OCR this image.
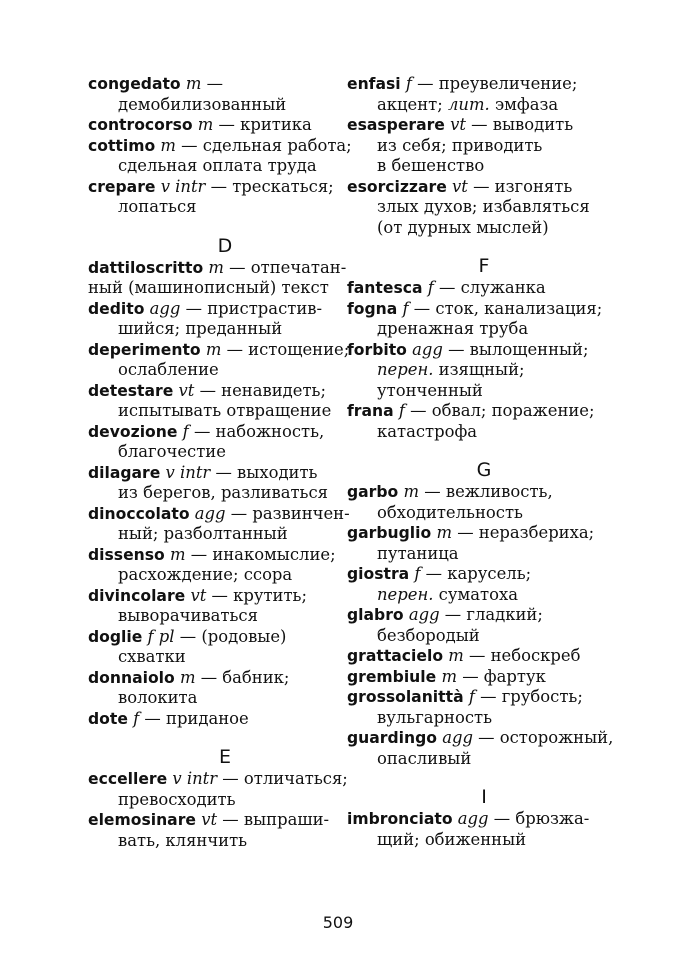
congedato m —
демобилизованный
controcorso m — критика
cottimo m — сдельная работа;
сдельная оплата труда
crepare v intr — трескаться;
лопаться
D
dattiloscritto m — отпечатан-
ный (машинописный) текст
dedito agg — пристрастив-
шийся; преданный
deperimento m — истощение;
ослабление
detestare vt — ненавидеть;
испытывать отвращение
devozione f — набожность,
благочестие
dilagare v intr — выходить
из берегов, разливаться
dinoccolato agg — развинчен-
ный; разболтанный
dissenso m — инакомыслие;
расхождение; ссора
divincolare vt — крутить;
выворачиваться
doglie f pl — (родовые)
схватки
donnaiolo m — бабник;
волокита
dote f — приданое
E
eccellere v intr — отличаться;
превосходить
elemosinare vt — выпраши-
вать, клянчить
enfasi f — преувеличение;
акцент; лит. эмфаза
esasperare vt — выводить
из себя; приводить
в бешенство
esorcizzare vt — изгонять
злых духов; избавляться
(от дурных мыслей)
F
fantesca f — служанка
fogna f — сток, канализация;
дренажная труба
forbito agg — вылощенный;
перен. изящный;
утонченный
frana f — обвал; поражение;
катастрофа
G
garbo m — вежливость,
обходительность
garbuglio m — неразбериха;
путаница
giostra f — карусель;
перен. суматоха
glabro agg — гладкий;
безбородый
grattacielo m — небоскреб
grembiule m — фартук
grossolanittà f — грубость;
вульгарность
guardingo agg — осторожный,
опасливый
I
imbronciato agg — брюзжа-
щий; обиженный
509
